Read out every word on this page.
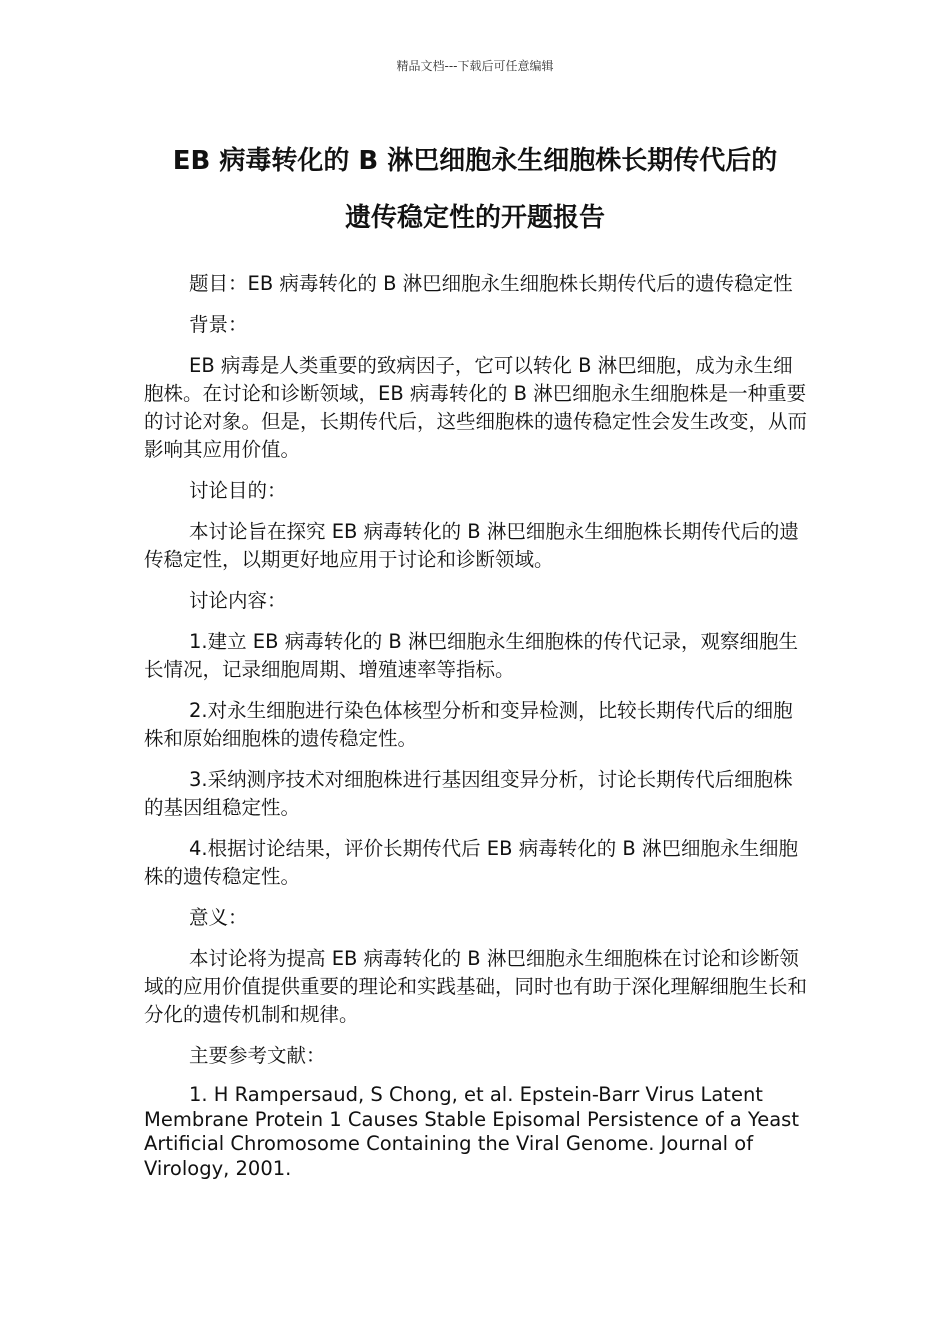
精品文档---下载后可任意编辑
EB 病毒转化的 B 淋巴细胞永生细胞株长期传代后的
遗传稳定性的开题报告

题目：EB 病毒转化的 B 淋巴细胞永生细胞株长期传代后的遗传稳定性

背景：

EB 病毒是人类重要的致病因子，它可以转化 B 淋巴细胞，成为永生细胞株。在讨论和诊断领域，EB 病毒转化的 B 淋巴细胞永生细胞株是一种重要的讨论对象。但是，长期传代后，这些细胞株的遗传稳定性会发生改变，从而影响其应用价值。

讨论目的：

本讨论旨在探究 EB 病毒转化的 B 淋巴细胞永生细胞株长期传代后的遗传稳定性，以期更好地应用于讨论和诊断领域。

讨论内容：

1.建立 EB 病毒转化的 B 淋巴细胞永生细胞株的传代记录，观察细胞生长情况，记录细胞周期、增殖速率等指标。

2.对永生细胞进行染色体核型分析和变异检测，比较长期传代后的细胞株和原始细胞株的遗传稳定性。

3.采纳测序技术对细胞株进行基因组变异分析，讨论长期传代后细胞株的基因组稳定性。

4.根据讨论结果，评价长期传代后 EB 病毒转化的 B 淋巴细胞永生细胞株的遗传稳定性。

意义：

本讨论将为提高 EB 病毒转化的 B 淋巴细胞永生细胞株在讨论和诊断领域的应用价值提供重要的理论和实践基础，同时也有助于深化理解细胞生长和分化的遗传机制和规律。

主要参考文献：

1. H Rampersaud, S Chong, et al. Epstein-Barr Virus Latent Membrane Protein 1 Causes Stable Episomal Persistence of a Yeast Artificial Chromosome Containing the Viral Genome. Journal of Virology, 2001.
